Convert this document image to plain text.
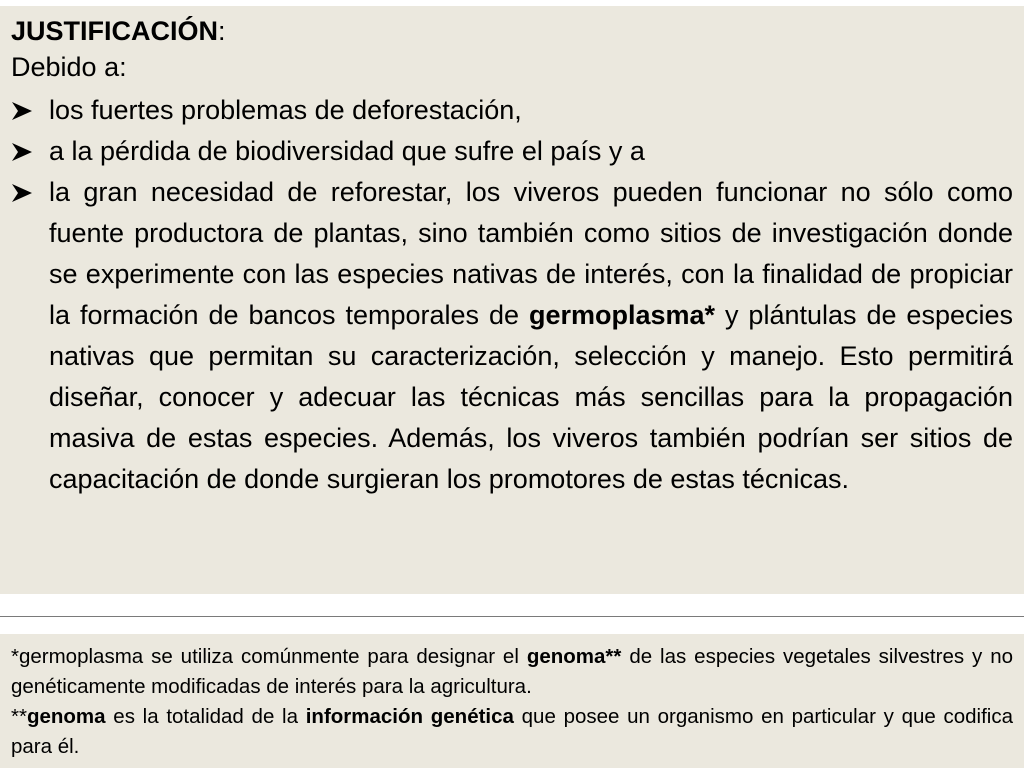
JUSTIFICACIÓN:
Debido a:
los fuertes problemas de deforestación,
a la pérdida de biodiversidad que sufre el país y a
la gran necesidad de reforestar, los viveros pueden funcionar no sólo como fuente productora de plantas, sino también como sitios de investigación donde se experimente con las especies nativas de interés, con la finalidad de propiciar la formación de bancos temporales de germoplasma* y plántulas de especies nativas que permitan su caracterización, selección y manejo. Esto permitirá diseñar, conocer y adecuar las técnicas más sencillas para la propagación masiva de estas especies. Además, los viveros también podrían ser sitios de capacitación de donde surgieran los promotores de estas técnicas.

*germoplasma se utiliza comúnmente para designar el genoma** de las especies vegetales silvestres y no genéticamente modificadas de interés para la agricultura.

**genoma es la totalidad de la información genética que posee un organismo en particular y que codifica para él.
